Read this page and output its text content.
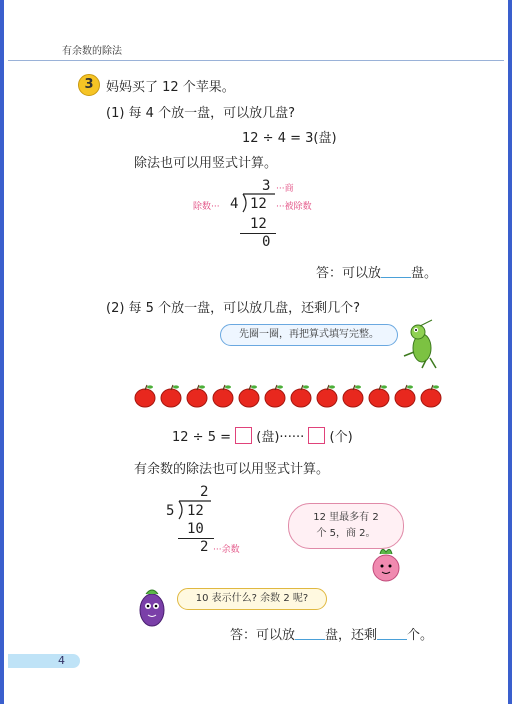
有余数的除法
3 妈妈买了 12 个苹果。
(1) 每 4 个放一盘，可以放几盘?
12 ÷ 4 = 3(盘)
除法也可以用竖式计算。
3 ···商
除数··· 4 12 ···被除数
12
0
答：可以放 盘。
(2) 每 5 个放一盘，可以放几盘，还剩几个?
先圈一圈，再把算式填写完整。
12 ÷ 5 = (盘)······ (个)
有余数的除法也可以用竖式计算。
2
5 12
10
2 ···余数
12 里最多有 2
个 5，商 2。
10 表示什么? 余数 2 呢?
答：可以放 盘，还剩 个。
4
